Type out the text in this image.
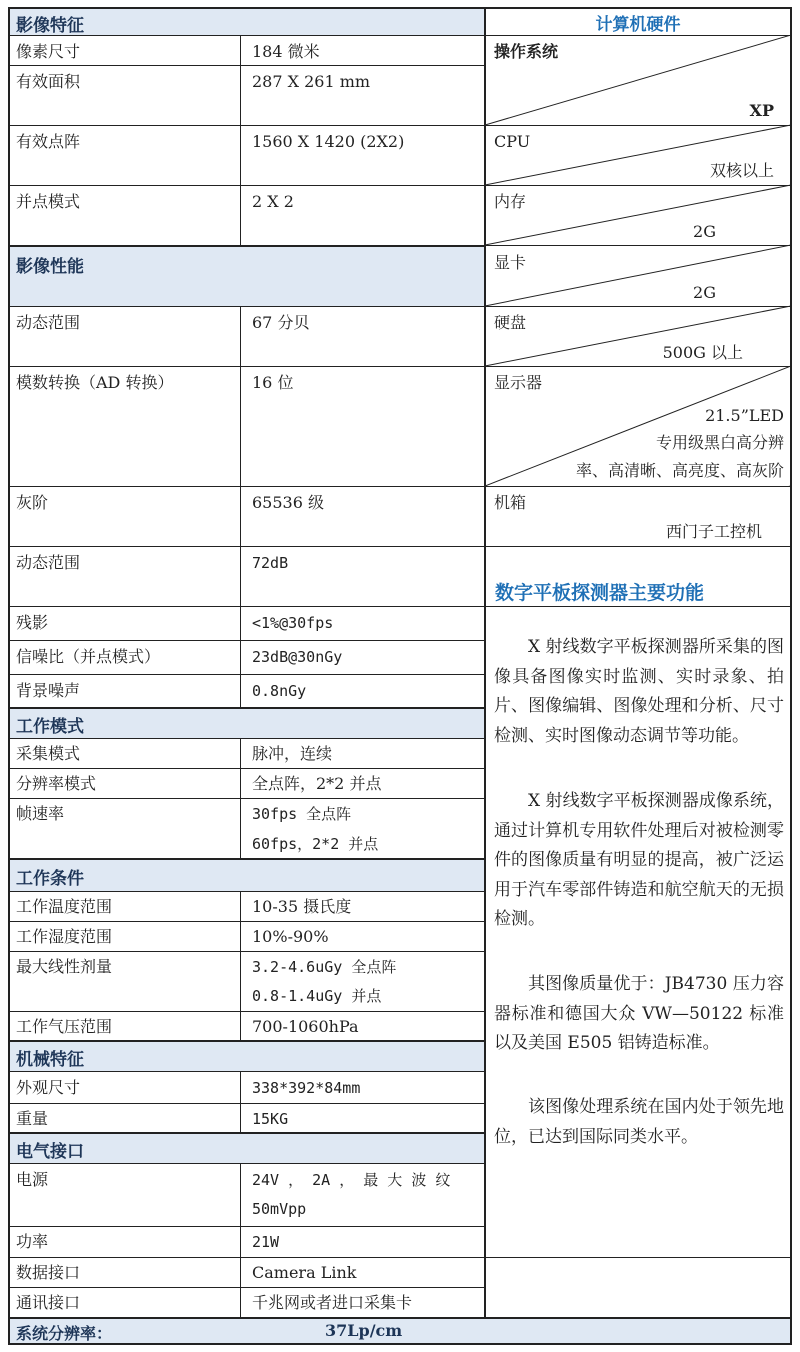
影像特征
像素尺寸	184 微米
有效面积	287 X 261 mm
有效点阵	1560 X 1420 (2X2)
并点模式	2 X 2
影像性能
动态范围	67 分贝
模数转换（AD 转换）	16 位
灰阶	65536 级
动态范围	72dB
残影	<1%@30fps
信噪比（并点模式）	23dB@30nGy
背景噪声	0.8nGy
工作模式
采集模式	脉冲，连续
分辨率模式	全点阵，2*2 并点
帧速率	30fps 全点阵
60fps，2*2 并点
工作条件
工作温度范围	10-35 摄氏度
工作湿度范围	10%-90%
最大线性剂量	3.2-4.6uGy 全点阵
0.8-1.4uGy 并点
工作气压范围	700-1060hPa
机械特征
外观尺寸	338*392*84mm
重量	15KG
电气接口
电源	24V ， 2A ， 最 大 波 纹
50mVpp
功率	21W
数据接口	Camera Link
通讯接口	千兆网或者进口采集卡
计算机硬件
操作系统
XP
CPU
双核以上
内存
2G
显卡
2G
硬盘
500G 以上
显示器
21.5”LED
专用级黑白高分辨
率、高清晰、高亮度、高灰阶
机箱
西门子工控机
数字平板探测器主要功能
X 射线数字平板探测器所采集的图像具备图像实时监测、实时录象、拍片、图像编辑、图像处理和分析、尺寸检测、实时图像动态调节等功能。
X 射线数字平板探测器成像系统，通过计算机专用软件处理后对被检测零件的图像质量有明显的提高，被广泛运用于汽车零部件铸造和航空航天的无损检测。
其图像质量优于：JB4730 压力容器标准和德国大众 VW—50122 标准以及美国 E505 铝铸造标准。
该图像处理系统在国内处于领先地位，已达到国际同类水平。
系统分辨率：	37Lp/cm
